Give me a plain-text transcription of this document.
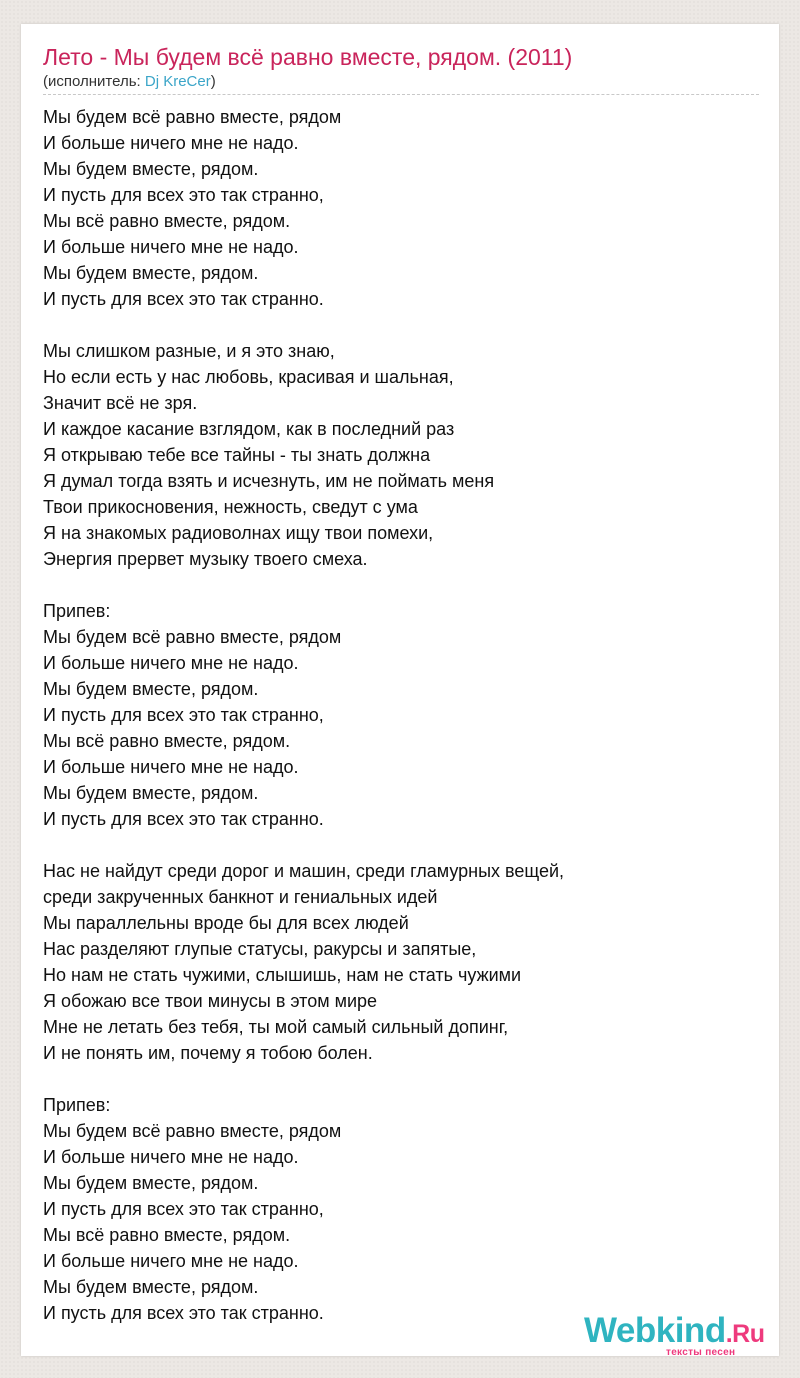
Лето - Мы будем всё равно вместе, рядом. (2011)
(исполнитель: Dj KreCer)
Мы будем всё равно вместе, рядом
И больше ничего мне не надо.
Мы будем вместе, рядом.
И пусть для всех это так странно,
Мы всё равно вместе, рядом.
И больше ничего мне не надо.
Мы будем вместе, рядом.
И пусть для всех это так странно.
Мы слишком разные, и я это знаю,
Но если есть у нас любовь, красивая и шальная,
Значит всё не зря.
И каждое касание взглядом, как в последний раз
Я открываю тебе все тайны - ты знать должна
Я думал тогда взять и исчезнуть, им не поймать меня
Твои прикосновения, нежность, сведут с ума
Я на знакомых радиоволнах ищу твои помехи,
Энергия прервет музыку твоего смеха.
Припев:
Мы будем всё равно вместе, рядом
И больше ничего мне не надо.
Мы будем вместе, рядом.
И пусть для всех это так странно,
Мы всё равно вместе, рядом.
И больше ничего мне не надо.
Мы будем вместе, рядом.
И пусть для всех это так странно.
Нас не найдут среди дорог и машин, среди гламурных вещей,
среди закрученных банкнот и гениальных идей
Мы параллельны вроде бы для всех людей
Нас разделяют глупые статусы, ракурсы и запятые,
Но нам не стать чужими, слышишь, нам не стать чужими
Я обожаю все твои минусы в этом мире
Мне не летать без тебя, ты мой самый сильный допинг,
И не понять им, почему я тобою болен.
Припев:
Мы будем всё равно вместе, рядом
И больше ничего мне не надо.
Мы будем вместе, рядом.
И пусть для всех это так странно,
Мы всё равно вместе, рядом.
И больше ничего мне не надо.
Мы будем вместе, рядом.
И пусть для всех это так странно.	Webkind.Ru
тексты песен
